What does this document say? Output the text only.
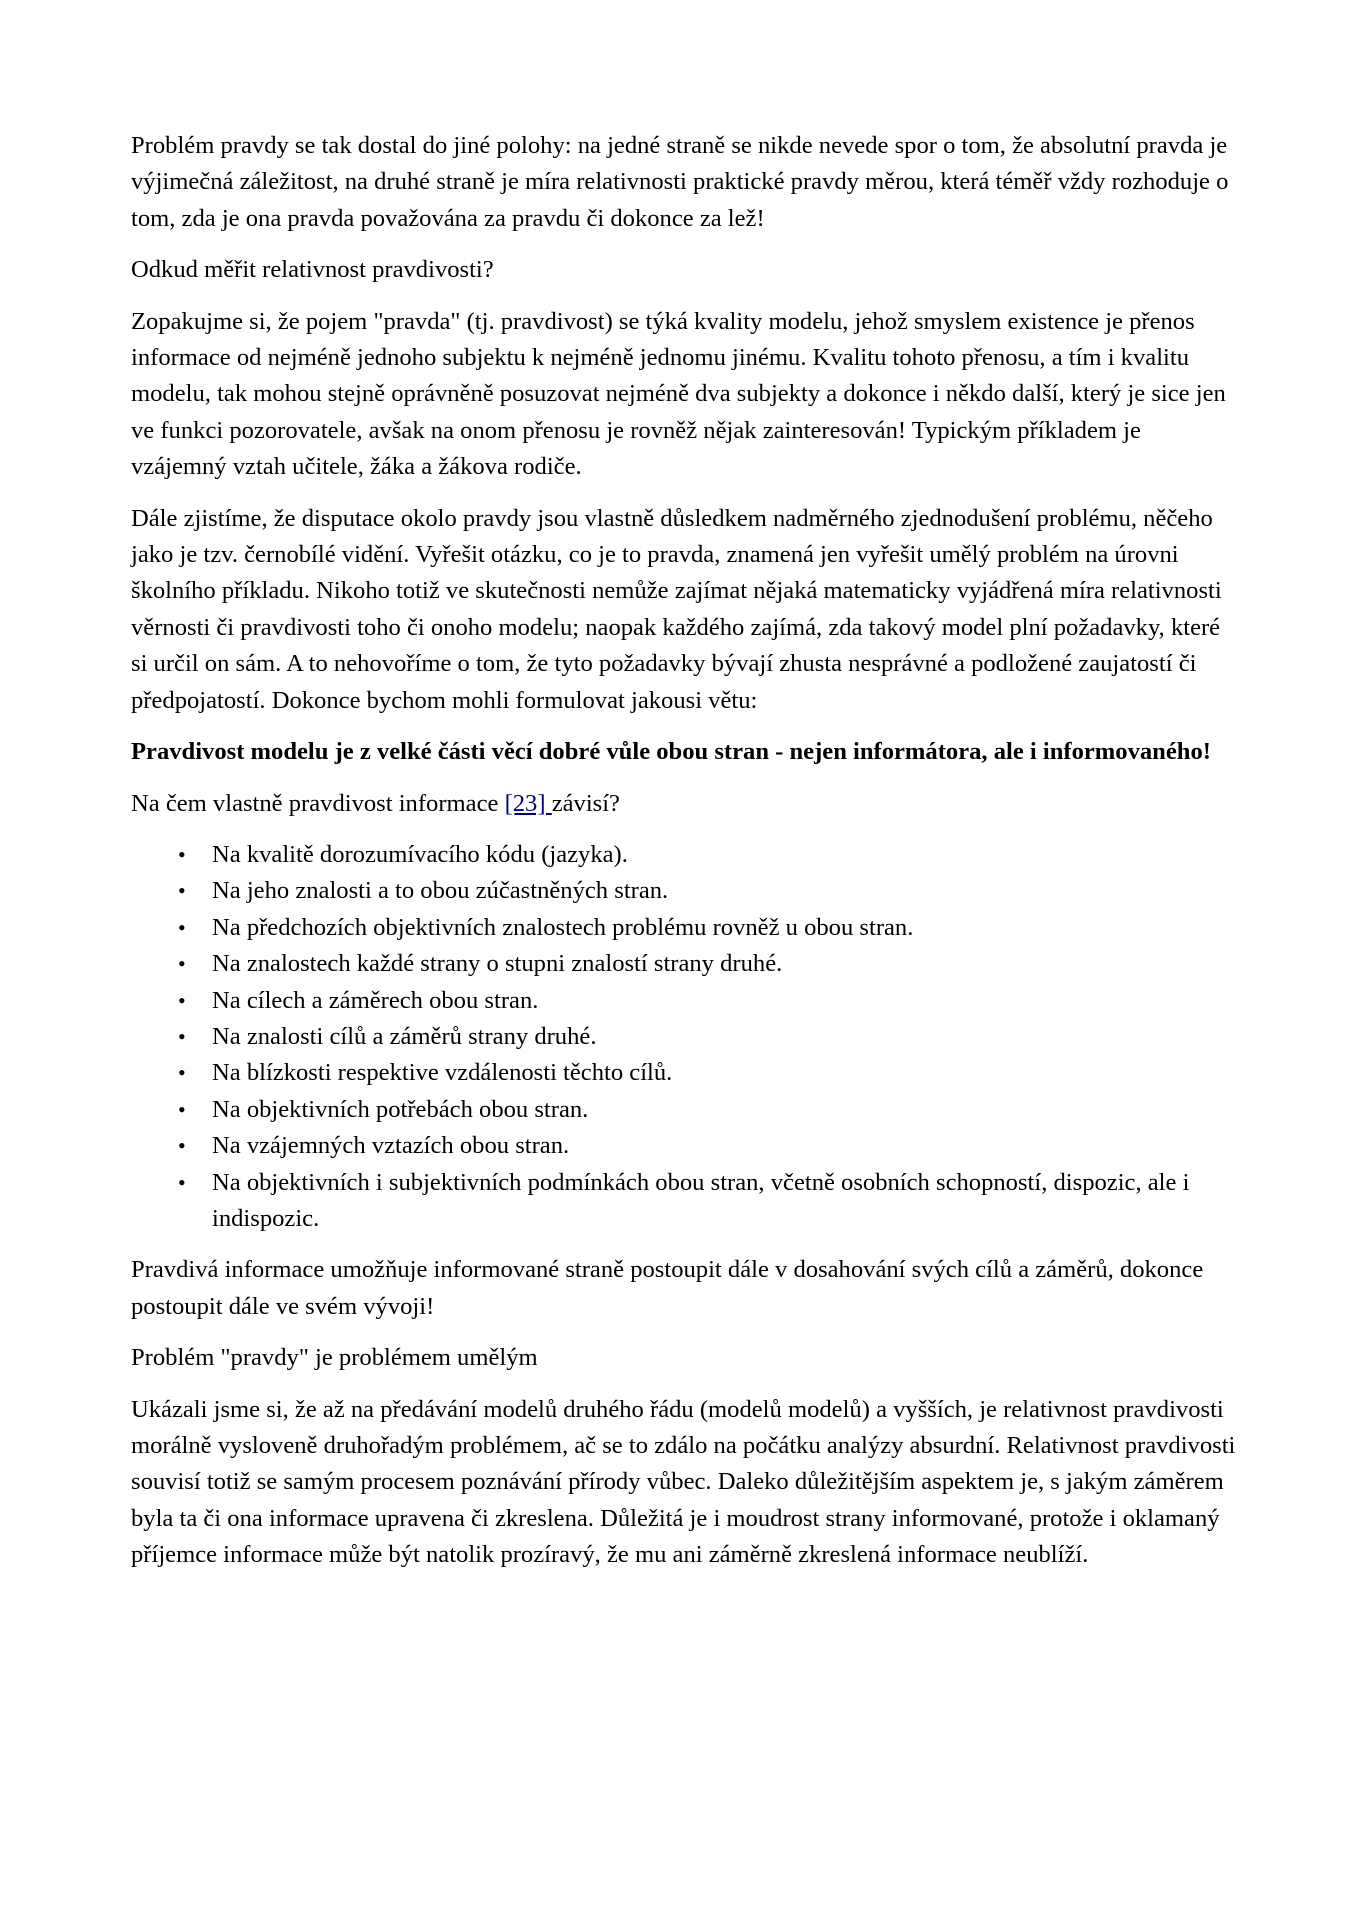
Problém pravdy se tak dostal do jiné polohy: na jedné straně se nikde nevede spor o tom, že absolutní pravda je výjimečná záležitost, na druhé straně je míra relativnosti praktické pravdy měrou, která téměř vždy rozhoduje o tom, zda je ona pravda považována za pravdu či dokonce za lež!

Odkud měřit relativnost pravdivosti?

Zopakujme si, že pojem "pravda" (tj. pravdivost) se týká kvality modelu, jehož smyslem existence je přenos informace od nejméně jednoho subjektu k nejméně jednomu jinému. Kvalitu tohoto přenosu, a tím i kvalitu modelu, tak mohou stejně oprávněně posuzovat nejméně dva subjekty a dokonce i někdo další, který je sice jen ve funkci pozorovatele, avšak na onom přenosu je rovněž nějak zainteresován! Typickým příkladem je vzájemný vztah učitele, žáka a žákova rodiče.

Dále zjistíme, že disputace okolo pravdy jsou vlastně důsledkem nadměrného zjednodušení problému, něčeho jako je tzv. černobílé vidění. Vyřešit otázku, co je to pravda, znamená jen vyřešit umělý problém na úrovni školního příkladu. Nikoho totiž ve skutečnosti nemůže zajímat nějaká matematicky vyjádřená míra relativnosti věrnosti či pravdivosti toho či onoho modelu; naopak každého zajímá, zda takový model plní požadavky, které si určil on sám. A to nehovoříme o tom, že tyto požadavky bývají zhusta nesprávné a podložené zaujatostí či předpojatostí. Dokonce bychom mohli formulovat jakousi větu:

Pravdivost modelu je z velké části věcí dobré vůle obou stran - nejen informátora, ale i informovaného!

Na čem vlastně pravdivost informace [23] závisí?

• Na kvalitě dorozumívacího kódu (jazyka).
• Na jeho znalosti a to obou zúčastněných stran.
• Na předchozích objektivních znalostech problému rovněž u obou stran.
• Na znalostech každé strany o stupni znalostí strany druhé.
• Na cílech a záměrech obou stran.
• Na znalosti cílů a záměrů strany druhé.
• Na blízkosti respektive vzdálenosti těchto cílů.
• Na objektivních potřebách obou stran.
• Na vzájemných vztazích obou stran.
• Na objektivních i subjektivních podmínkách obou stran, včetně osobních schopností, dispozic, ale i indispozic.

Pravdivá informace umožňuje informované straně postoupit dále v dosahování svých cílů a záměrů, dokonce postoupit dále ve svém vývoji!

Problém "pravdy" je problémem umělým

Ukázali jsme si, že až na předávání modelů druhého řádu (modelů modelů) a vyšších, je relativnost pravdivosti morálně vysloveně druhořadým problémem, ač se to zdálo na počátku analýzy absurdní. Relativnost pravdivosti souvisí totiž se samým procesem poznávání přírody vůbec. Daleko důležitějším aspektem je, s jakým záměrem byla ta či ona informace upravena či zkreslena. Důležitá je i moudrost strany informované, protože i oklamaný příjemce informace může být natolik prozíravý, že mu ani záměrně zkreslená informace neublíží.
